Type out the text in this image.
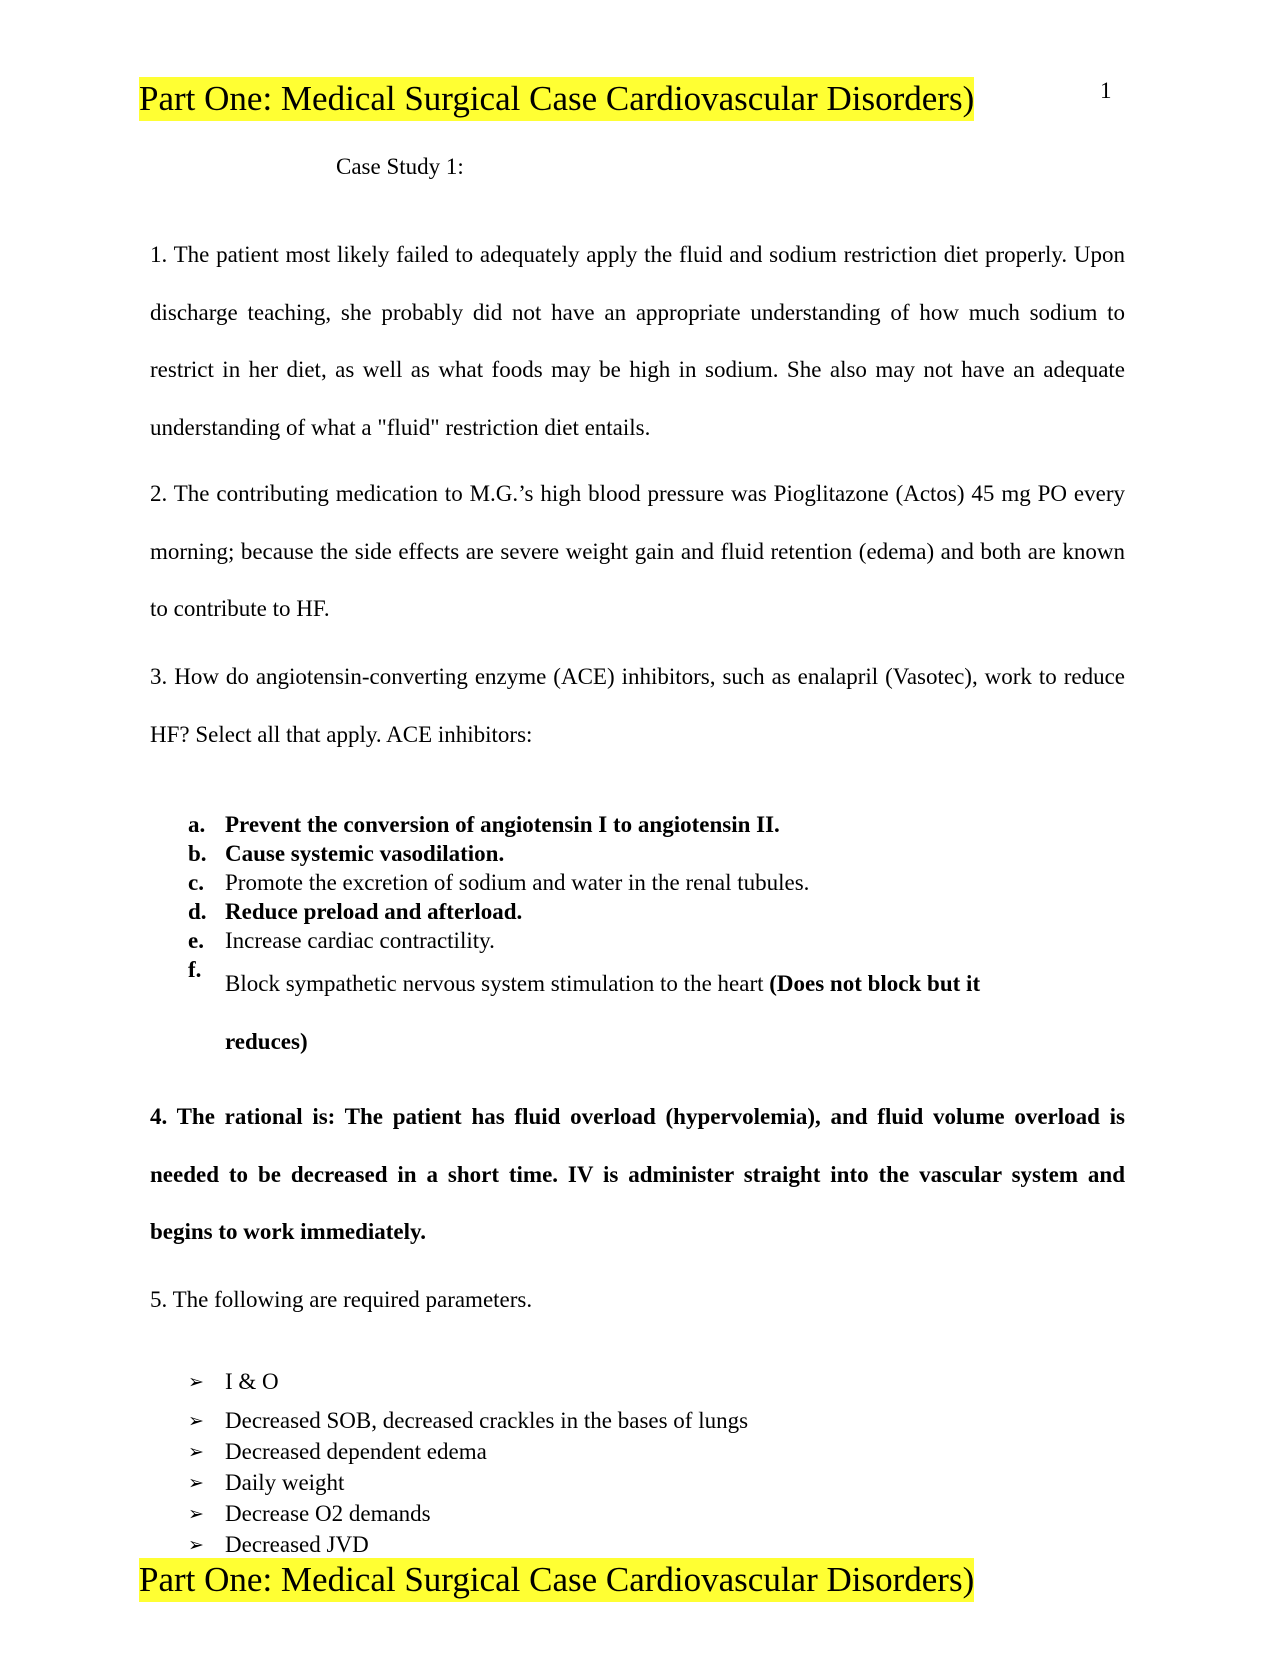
Part One: Medical Surgical Case Cardiovascular Disorders)	1
Case Study 1:

1. The patient most likely failed to adequately apply the fluid and sodium restriction diet properly. Upon discharge teaching, she probably did not have an appropriate understanding of how much sodium to restrict in her diet, as well as what foods may be high in sodium. She also may not have an adequate understanding of what a "fluid" restriction diet entails.

2. The contributing medication to M.G.’s high blood pressure was Pioglitazone (Actos) 45 mg PO every morning; because the side effects are severe weight gain and fluid retention (edema) and both are known to contribute to HF.

3. How do angiotensin-converting enzyme (ACE) inhibitors, such as enalapril (Vasotec), work to reduce HF? Select all that apply. ACE inhibitors:

a. Prevent the conversion of angiotensin I to angiotensin II.
b. Cause systemic vasodilation.
c. Promote the excretion of sodium and water in the renal tubules.
d. Reduce preload and afterload.
e. Increase cardiac contractility.
f.
Block sympathetic nervous system stimulation to the heart (Does not block but it reduces)

4. The rational is: The patient has fluid overload (hypervolemia), and fluid volume overload is needed to be decreased in a short time. IV is administer straight into the vascular system and begins to work immediately.

5. The following are required parameters.

➢ I & O
➢ Decreased SOB, decreased crackles in the bases of lungs
➢ Decreased dependent edema
➢ Daily weight
➢ Decrease O2 demands
➢ Decreased JVD
Part One: Medical Surgical Case Cardiovascular Disorders)
